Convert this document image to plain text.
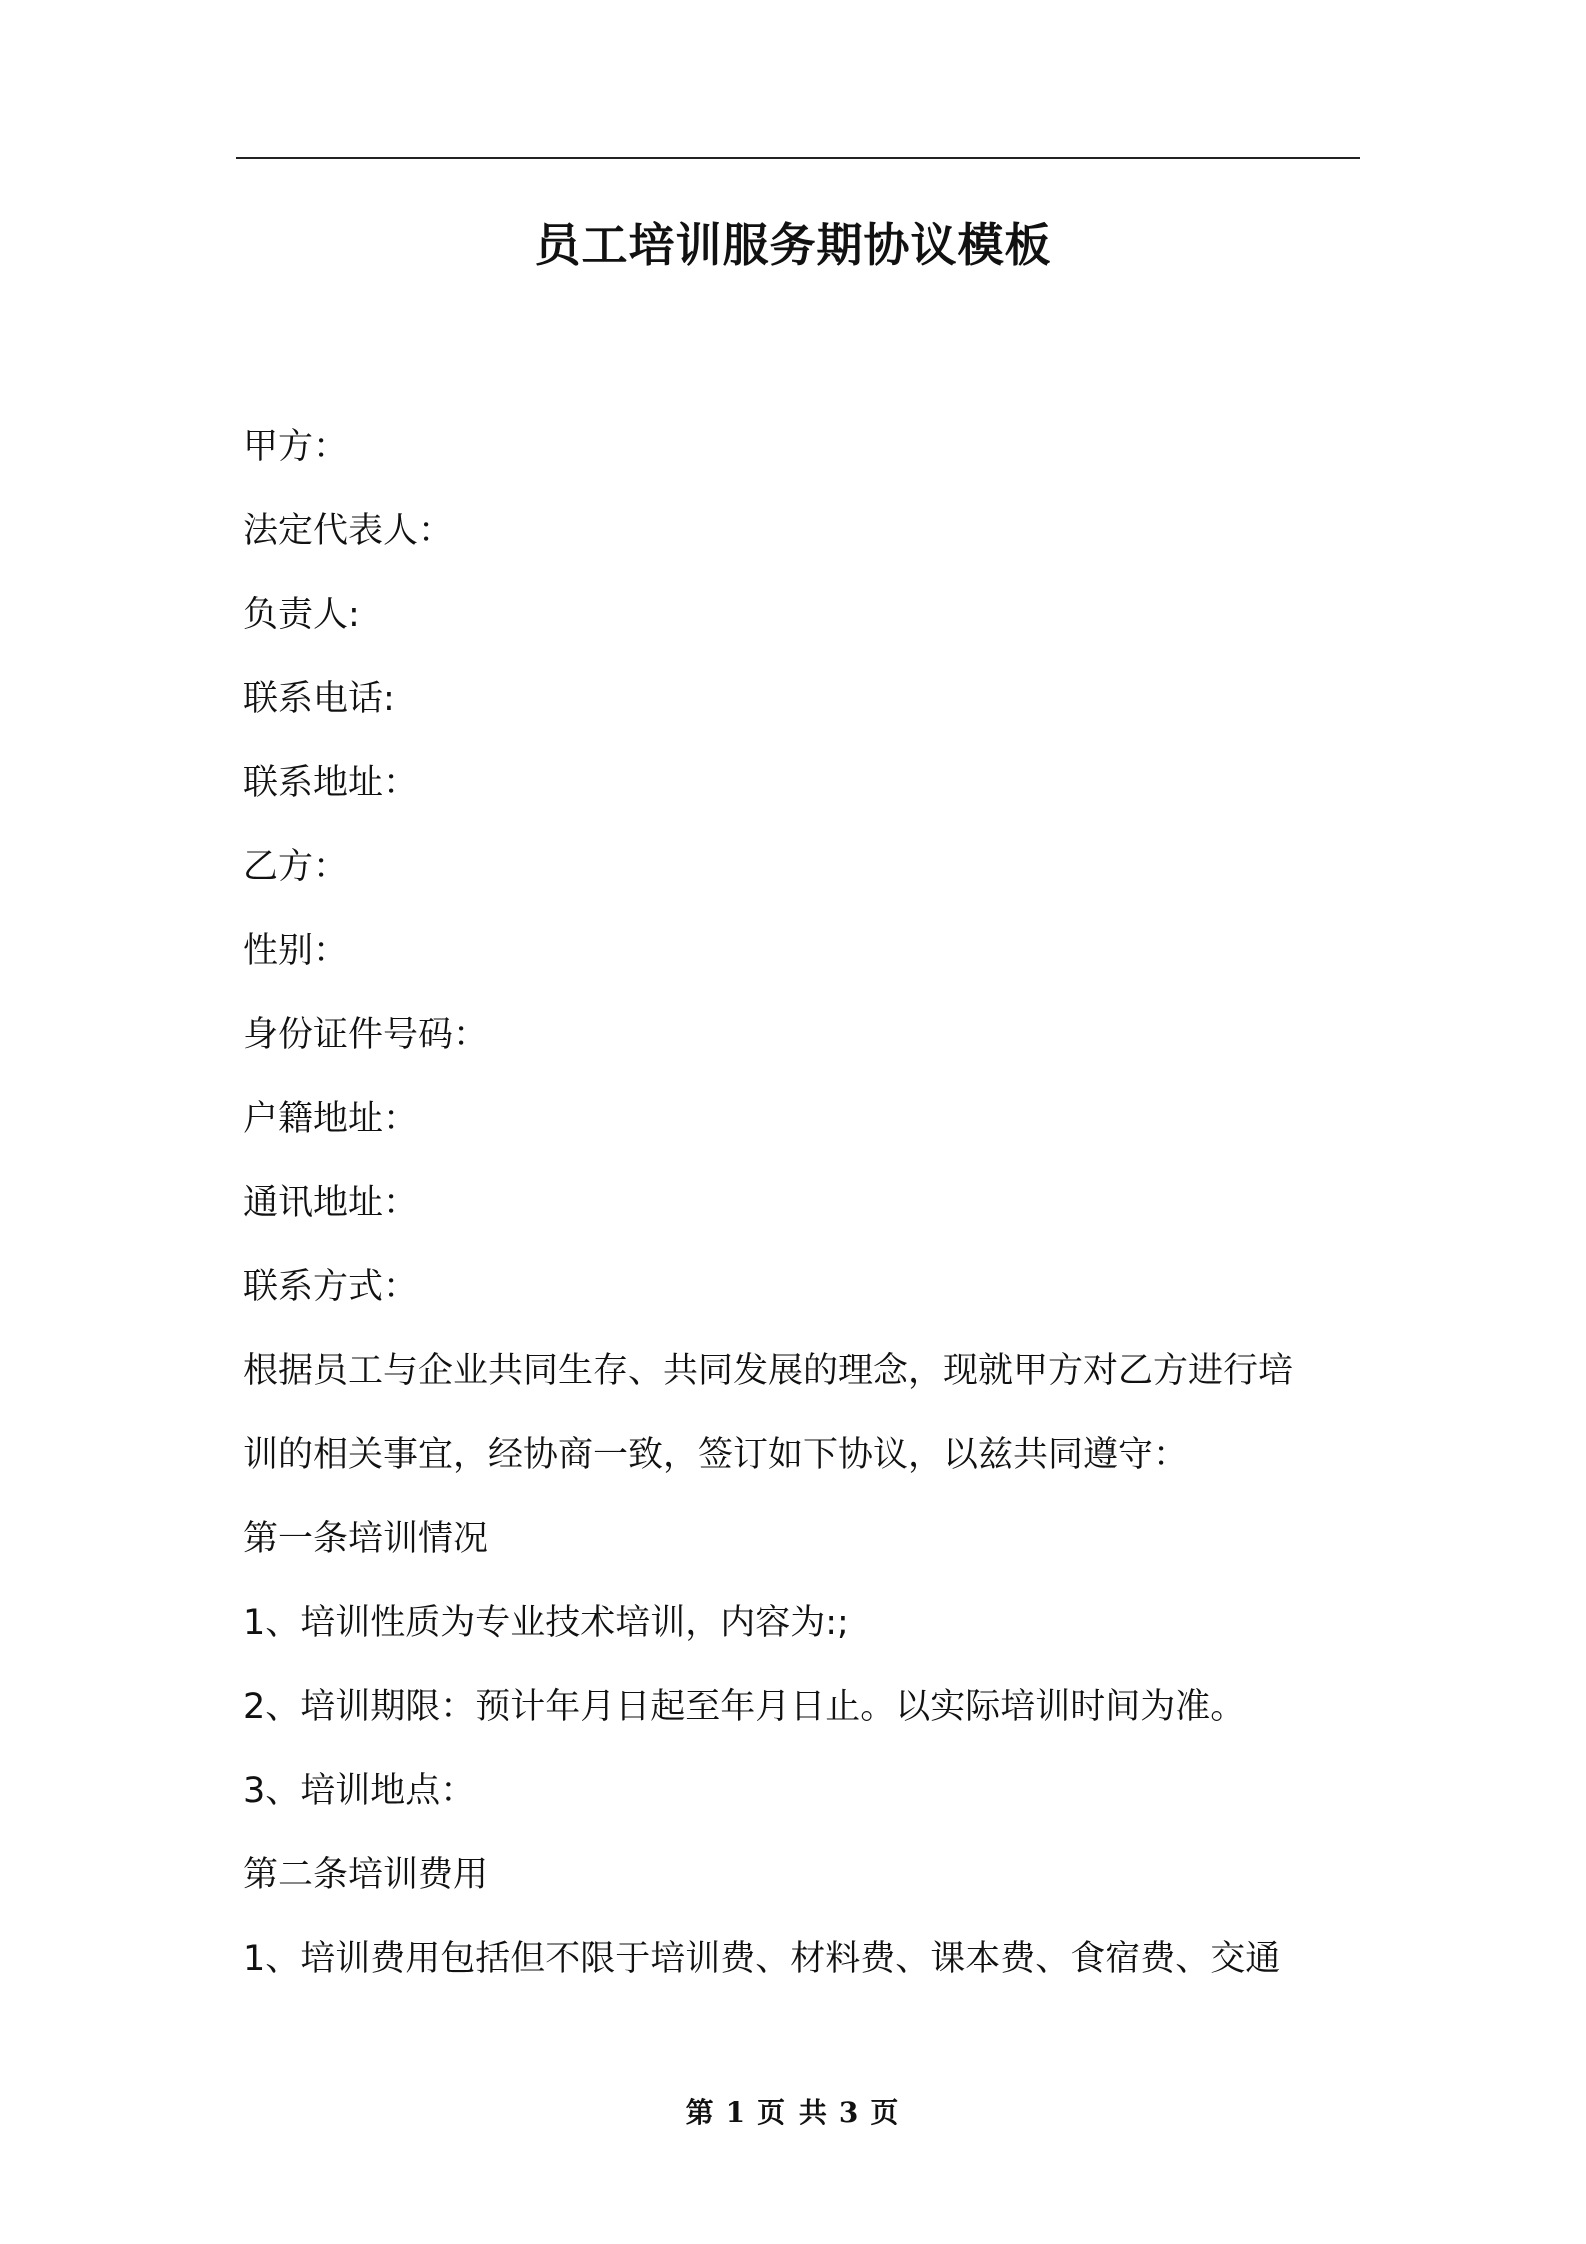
员工培训服务期协议模板
甲方：
法定代表人：
负责人:
联系电话:
联系地址：
乙方：
性别：
身份证件号码：
户籍地址：
通讯地址：
联系方式：
根据员工与企业共同生存、共同发展的理念，现就甲方对乙方进行培
训的相关事宜，经协商一致，签订如下协议，以兹共同遵守：
第一条培训情况
1、培训性质为专业技术培训，内容为:;
2、培训期限：预计年月日起至年月日止。以实际培训时间为准。
3、培训地点：
第二条培训费用
1、培训费用包括但不限于培训费、材料费、课本费、食宿费、交通
第 1 页 共 3 页
